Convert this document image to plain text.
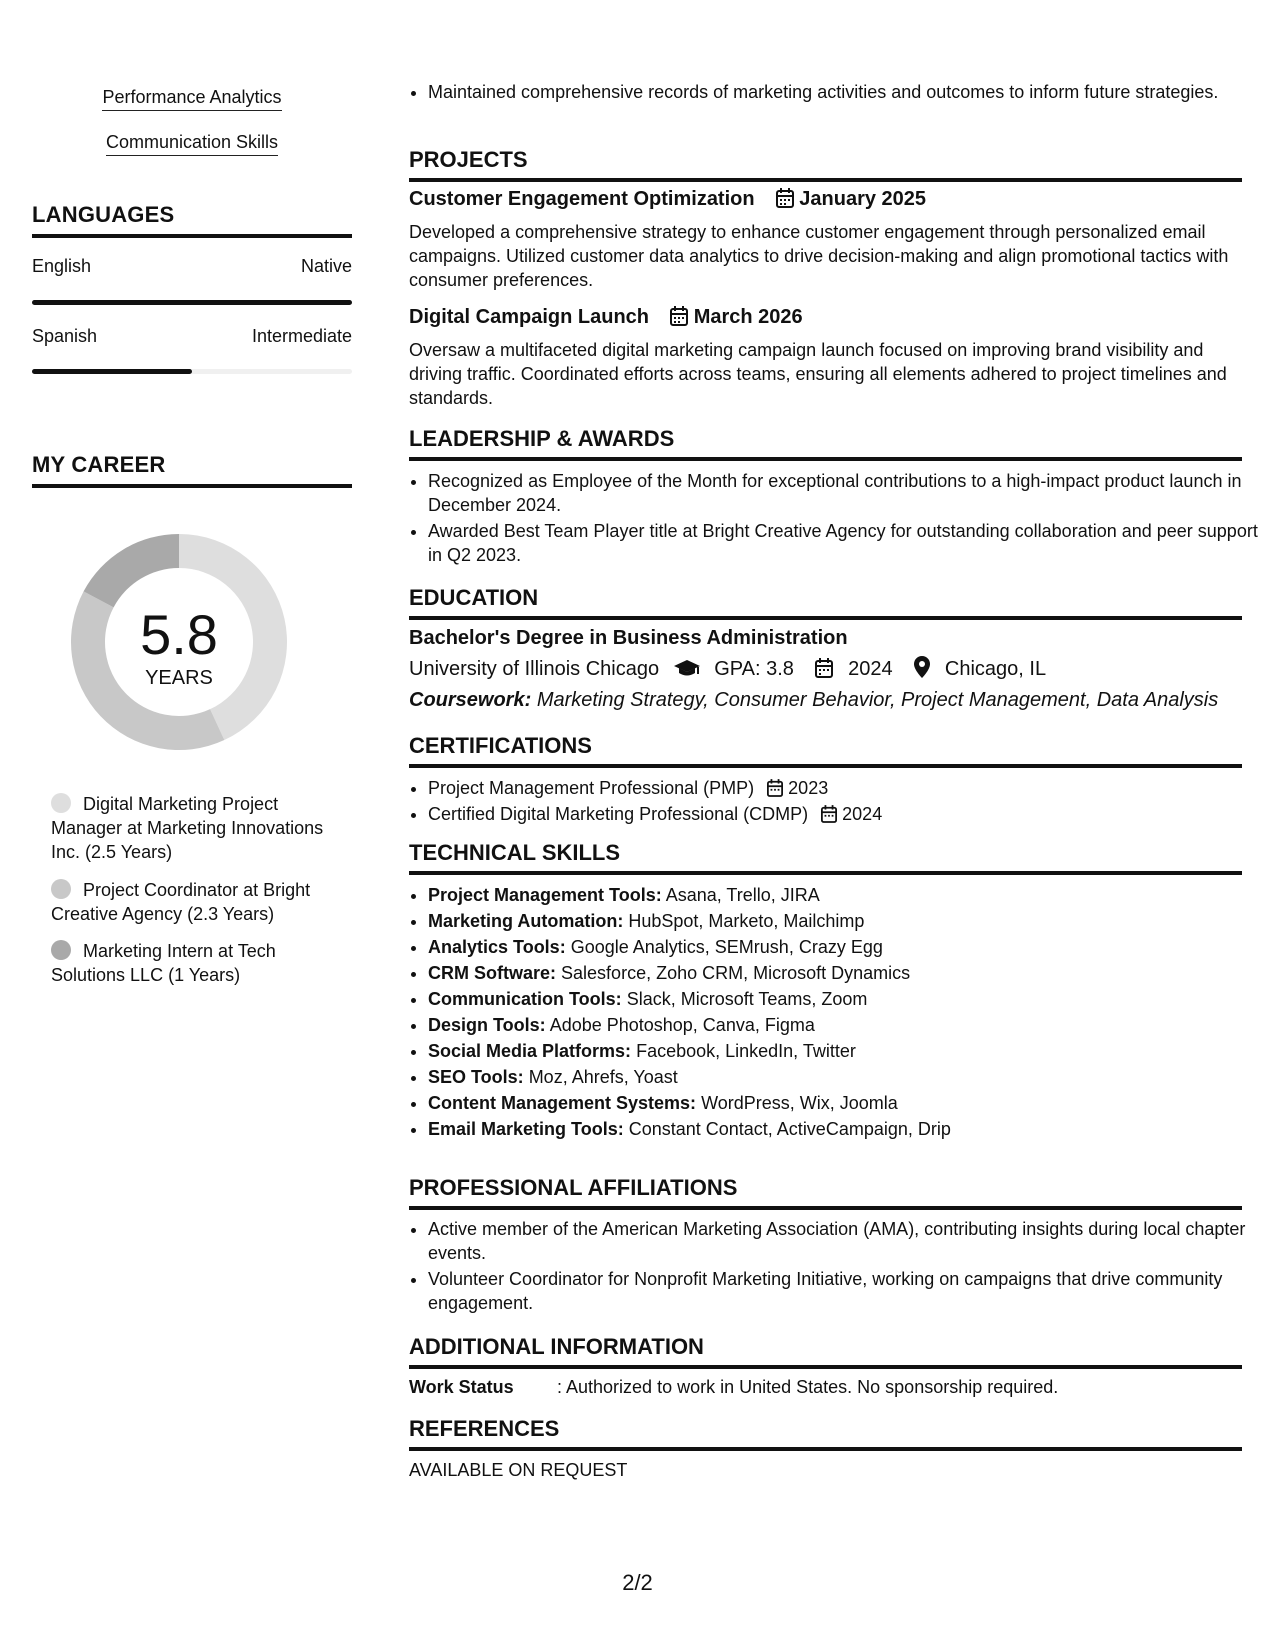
Performance Analytics
Communication Skills
LANGUAGES
English	Native
Spanish	Intermediate
MY CAREER
5.8
YEARS
Digital Marketing Project Manager at Marketing Innovations Inc. (2.5 Years)
Project Coordinator at Bright Creative Agency (2.3 Years)
Marketing Intern at Tech Solutions LLC (1 Years)
• Maintained comprehensive records of marketing activities and outcomes to inform future strategies.
PROJECTS
Customer Engagement Optimization January 2025
Developed a comprehensive strategy to enhance customer engagement through personalized email campaigns. Utilized customer data analytics to drive decision-making and align promotional tactics with consumer preferences.
Digital Campaign Launch March 2026
Oversaw a multifaceted digital marketing campaign launch focused on improving brand visibility and driving traffic. Coordinated efforts across teams, ensuring all elements adhered to project timelines and standards.
LEADERSHIP & AWARDS
• Recognized as Employee of the Month for exceptional contributions to a high-impact product launch in December 2024.
• Awarded Best Team Player title at Bright Creative Agency for outstanding collaboration and peer support in Q2 2023.
EDUCATION
Bachelor's Degree in Business Administration
University of Illinois Chicago	GPA: 3.8	2024	Chicago, IL
Coursework: Marketing Strategy, Consumer Behavior, Project Management, Data Analysis
CERTIFICATIONS
• Project Management Professional (PMP) 2023
• Certified Digital Marketing Professional (CDMP) 2024
TECHNICAL SKILLS
• Project Management Tools: Asana, Trello, JIRA
• Marketing Automation: HubSpot, Marketo, Mailchimp
• Analytics Tools: Google Analytics, SEMrush, Crazy Egg
• CRM Software: Salesforce, Zoho CRM, Microsoft Dynamics
• Communication Tools: Slack, Microsoft Teams, Zoom
• Design Tools: Adobe Photoshop, Canva, Figma
• Social Media Platforms: Facebook, LinkedIn, Twitter
• SEO Tools: Moz, Ahrefs, Yoast
• Content Management Systems: WordPress, Wix, Joomla
• Email Marketing Tools: Constant Contact, ActiveCampaign, Drip
PROFESSIONAL AFFILIATIONS
• Active member of the American Marketing Association (AMA), contributing insights during local chapter events.
• Volunteer Coordinator for Nonprofit Marketing Initiative, working on campaigns that drive community engagement.
ADDITIONAL INFORMATION
Work Status : Authorized to work in United States. No sponsorship required.
REFERENCES
AVAILABLE ON REQUEST
2/2
